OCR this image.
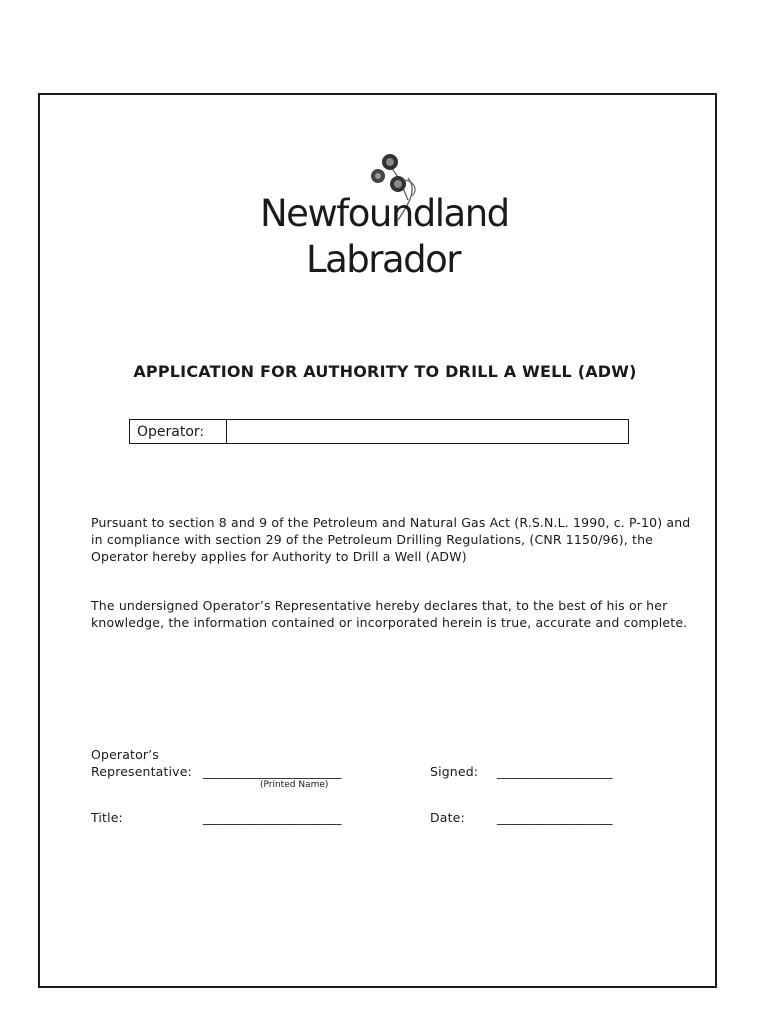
Newfoundland
Labrador
APPLICATION FOR AUTHORITY TO DRILL A WELL (ADW)
Operator:
Pursuant to section 8 and 9 of the Petroleum and Natural Gas Act (R.S.N.L. 1990, c. P-10) and in compliance with section 29 of the Petroleum Drilling Regulations, (CNR 1150/96), the Operator hereby applies for Authority to Drill a Well (ADW)
The undersigned Operator’s Representative hereby declares that, to the best of his or her knowledge, the information contained or incorporated herein is true, accurate and complete.
Operator’s
Representative: ________________________
(Printed Name)
Signed: ____________________
Title:	________________________	Date:	____________________
